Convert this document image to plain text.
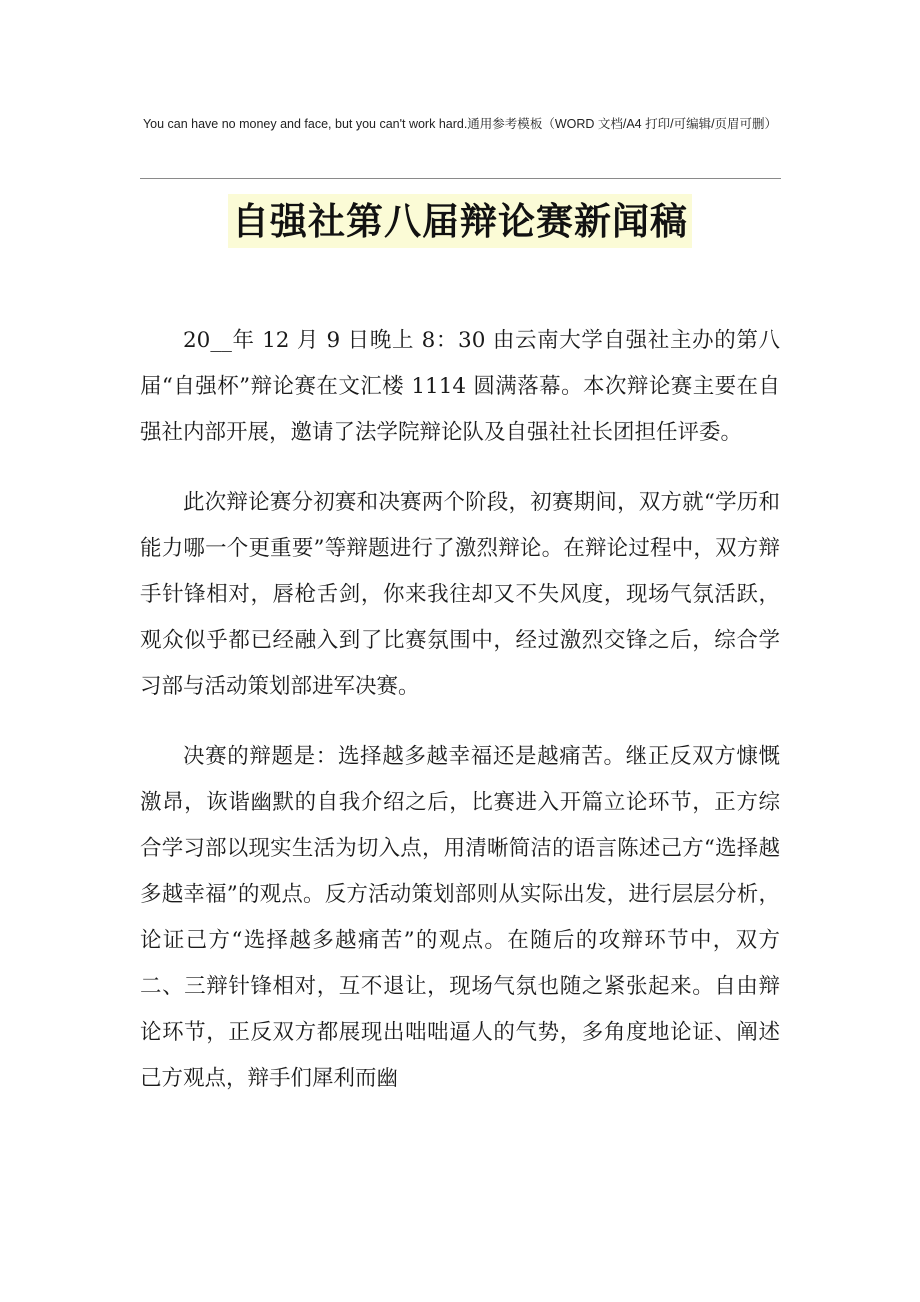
You can have no money and face, but you can't work hard.通用参考模板（WORD 文档/A4 打印/可编辑/页眉可删）
自强社第八届辩论赛新闻稿

20__年 12 月 9 日晚上 8：30 由云南大学自强社主办的第八届“自强杯”辩论赛在文汇楼 1114 圆满落幕。本次辩论赛主要在自强社内部开展，邀请了法学院辩论队及自强社社长团担任评委。

此次辩论赛分初赛和决赛两个阶段，初赛期间，双方就“学历和能力哪一个更重要”等辩题进行了激烈辩论。在辩论过程中，双方辩手针锋相对，唇枪舌剑，你来我往却又不失风度，现场气氛活跃，观众似乎都已经融入到了比赛氛围中，经过激烈交锋之后，综合学习部与活动策划部进军决赛。

决赛的辩题是：选择越多越幸福还是越痛苦。继正反双方慷慨激昂，诙谐幽默的自我介绍之后，比赛进入开篇立论环节，正方综合学习部以现实生活为切入点，用清晰简洁的语言陈述己方“选择越多越幸福”的观点。反方活动策划部则从实际出发，进行层层分析，论证己方“选择越多越痛苦”的观点。在随后的攻辩环节中，双方二、三辩针锋相对，互不退让，现场气氛也随之紧张起来。自由辩论环节，正反双方都展现出咄咄逼人的气势，多角度地论证、阐述己方观点，辩手们犀利而幽
